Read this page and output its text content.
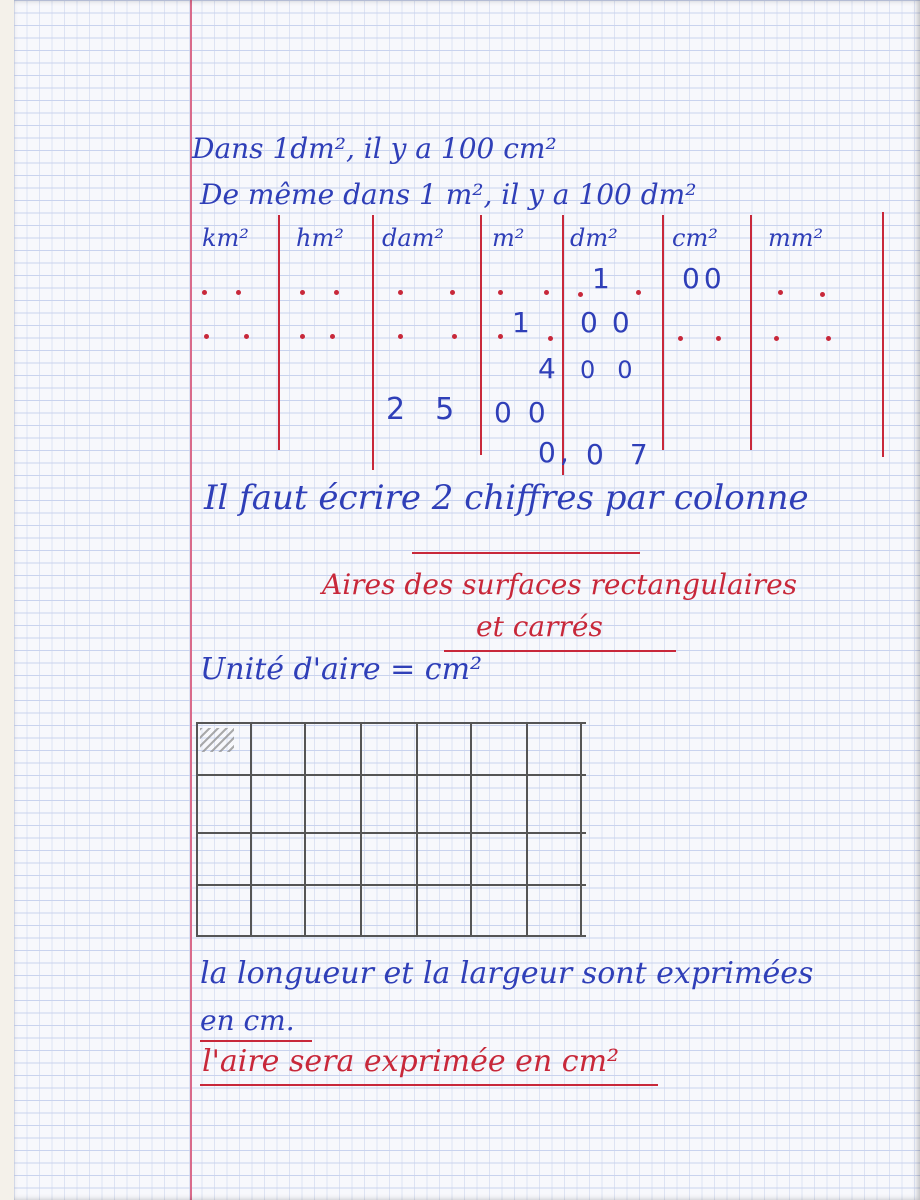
Dans 1dm², il y a 100 cm²
De même dans 1 m², il y a 100 dm²
km² hm² dam² m² dm² cm² mm²
1	00
1 00
4 00
25 00
0, 07
Il faut écrire 2 chiffres par colonne
Aires des surfaces rectangulaires
et carrés
Unité d'aire = cm²
la longueur et la largeur sont exprimées
en cm.
l'aire sera exprimée en cm²
